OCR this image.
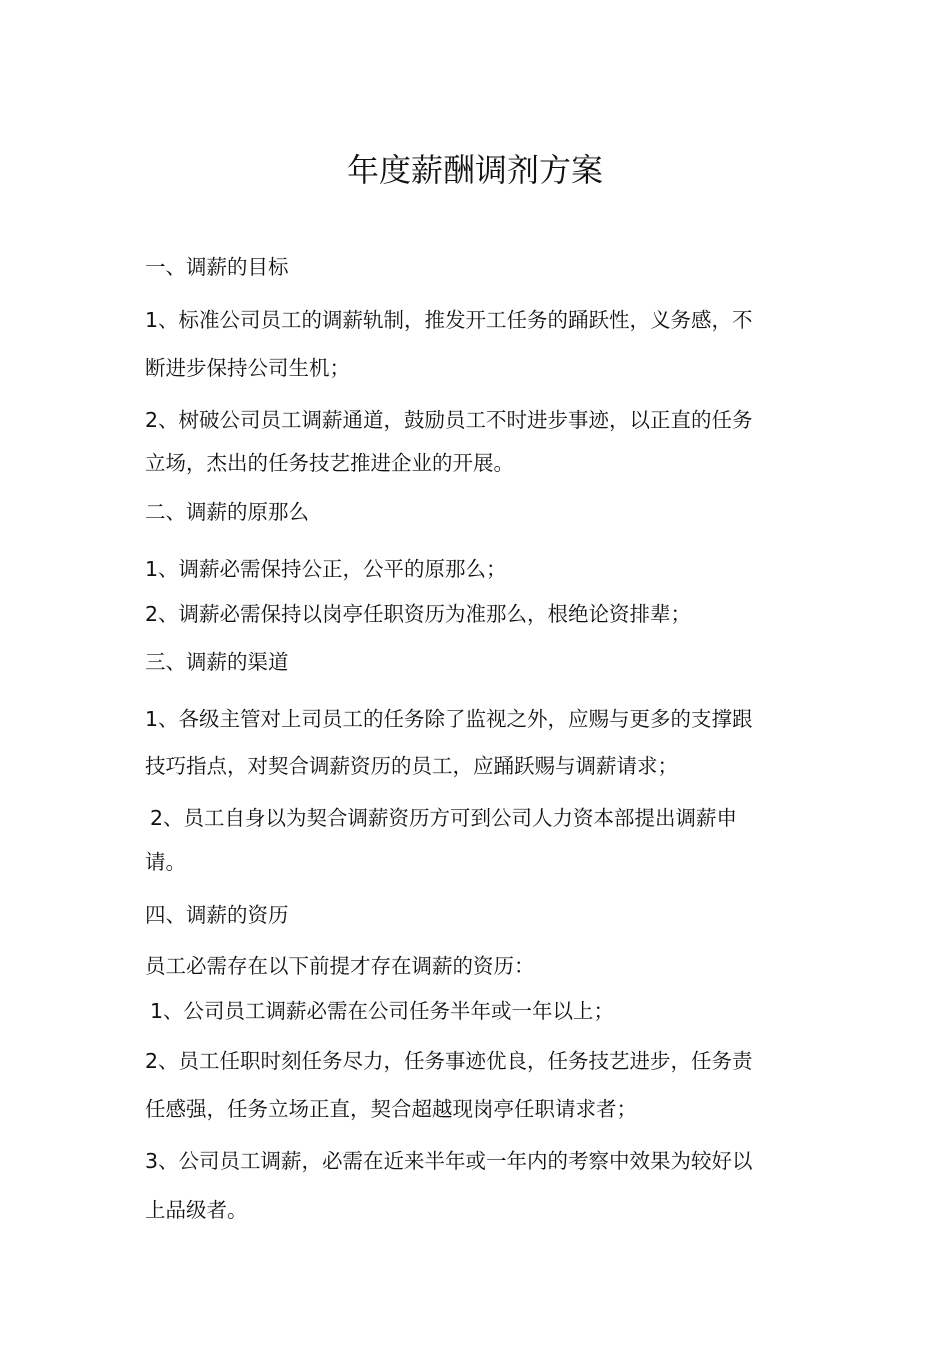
年度薪酬调剂方案
一、调薪的目标
1、标准公司员工的调薪轨制，推发开工任务的踊跃性，义务感，不
断进步保持公司生机；
2、树破公司员工调薪通道，鼓励员工不时进步事迹，以正直的任务
立场，杰出的任务技艺推进企业的开展。
二、调薪的原那么
1、调薪必需保持公正，公平的原那么；
2、调薪必需保持以岗亭任职资历为准那么，根绝论资排辈；
三、调薪的渠道
1、各级主管对上司员工的任务除了监视之外，应赐与更多的支撑跟
技巧指点，对契合调薪资历的员工，应踊跃赐与调薪请求；
2、员工自身以为契合调薪资历方可到公司人力资本部提出调薪申
请。
四、调薪的资历
员工必需存在以下前提才存在调薪的资历：
1、公司员工调薪必需在公司任务半年或一年以上；
2、员工任职时刻任务尽力，任务事迹优良，任务技艺进步，任务责
任感强，任务立场正直，契合超越现岗亭任职请求者；
3、公司员工调薪，必需在近来半年或一年内的考察中效果为较好以
上品级者。
